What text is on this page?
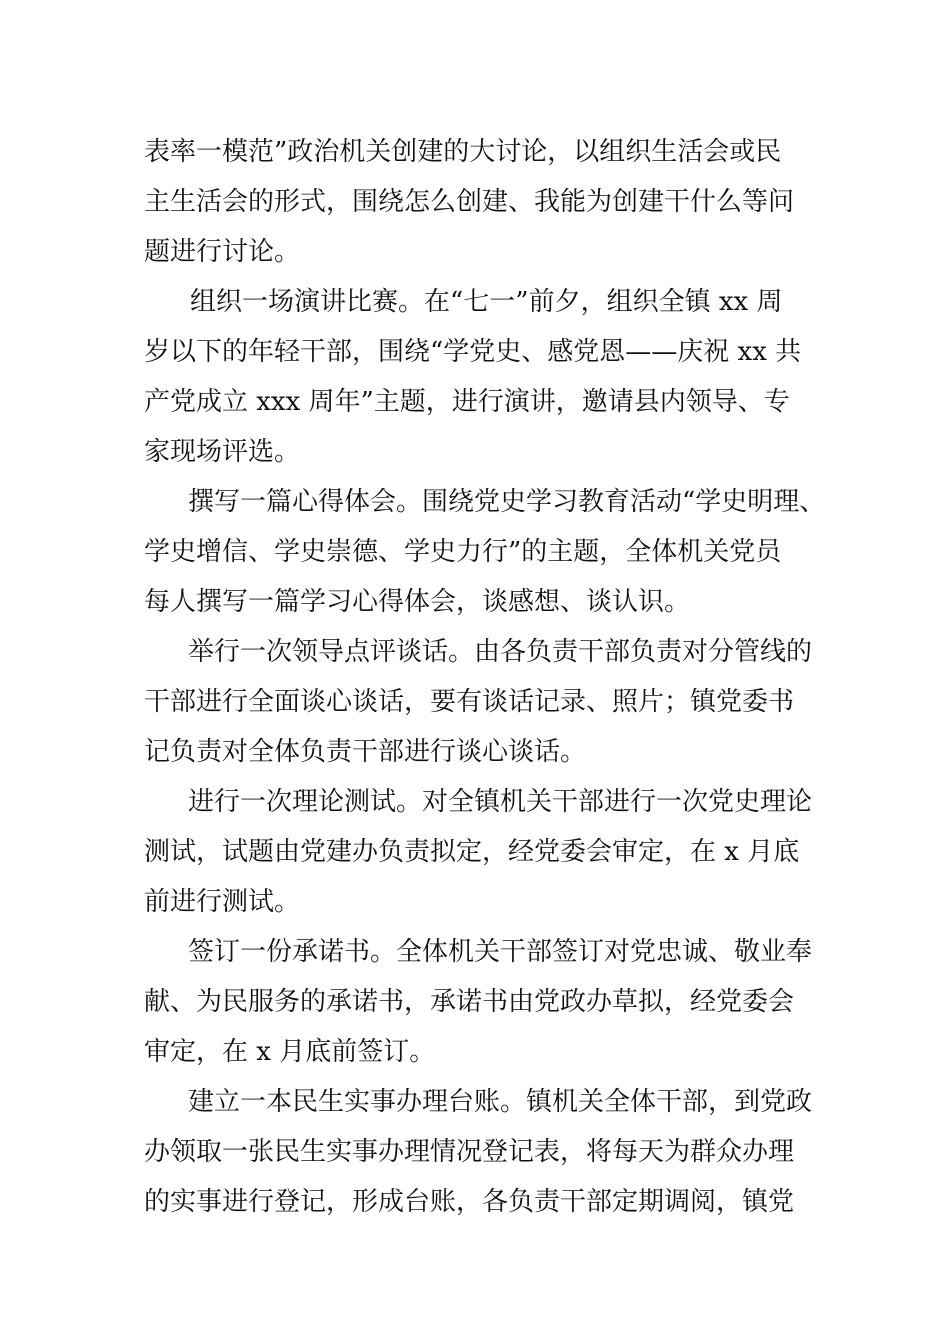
表率一模范”政治机关创建的大讨论，以组织生活会或民
主生活会的形式，围绕怎么创建、我能为创建干什么等问
题进行讨论。
组织一场演讲比赛。在“七一”前夕，组织全镇 xx 周
岁以下的年轻干部，围绕“学党史、感党恩——庆祝 xx 共
产党成立 xxx 周年”主题，进行演讲，邀请县内领导、专
家现场评选。
撰写一篇心得体会。围绕党史学习教育活动“学史明理、
学史增信、学史崇德、学史力行”的主题，全体机关党员
每人撰写一篇学习心得体会，谈感想、谈认识。
举行一次领导点评谈话。由各负责干部负责对分管线的
干部进行全面谈心谈话，要有谈话记录、照片；镇党委书
记负责对全体负责干部进行谈心谈话。
进行一次理论测试。对全镇机关干部进行一次党史理论
测试，试题由党建办负责拟定，经党委会审定，在 x 月底
前进行测试。
签订一份承诺书。全体机关干部签订对党忠诚、敬业奉
献、为民服务的承诺书，承诺书由党政办草拟，经党委会
审定，在 x 月底前签订。
建立一本民生实事办理台账。镇机关全体干部，到党政
办领取一张民生实事办理情况登记表，将每天为群众办理
的实事进行登记，形成台账，各负责干部定期调阅，镇党
